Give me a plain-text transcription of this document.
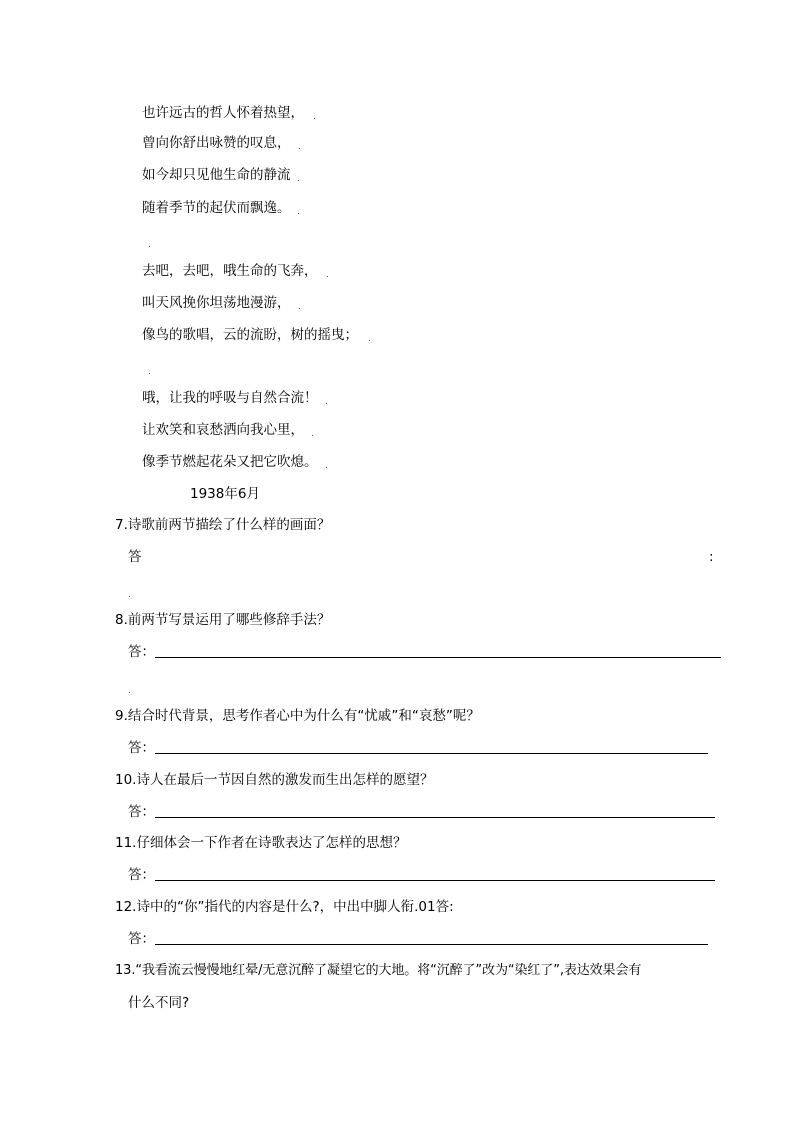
也许远古的哲人怀着热望， .
曾向你舒出咏赞的叹息， .
如今却只见他生命的静流 .
随着季节的起伏而飘逸。 .
.
去吧，去吧，哦生命的飞奔， .
叫天风挽你坦荡地漫游， .
像鸟的歌唱，云的流盼，树的摇曳； .
.
哦，让我的呼吸与自然合流！ .
让欢笑和哀愁洒向我心里， .
像季节燃起花朵又把它吹熄。 .
1938年6月
7.诗歌前两节描绘了什么样的画面？
答	:
.
8.前两节写景运用了哪些修辞手法？
答：
.
9.结合时代背景，思考作者心中为什么有“忧戚”和“哀愁”呢？
答：
10.诗人在最后一节因自然的激发而生出怎样的愿望？
答：
11.仔细体会一下作者在诗歌表达了怎样的思想？
答：
12.诗中的“你”指代的内容是什么?，中出中脚人衔.01答:
答：
13.“我看流云慢慢地红晕/无意沉醉了凝望它的大地。将“沉醉了”改为“染红了”,表达效果会有
什么不同?
